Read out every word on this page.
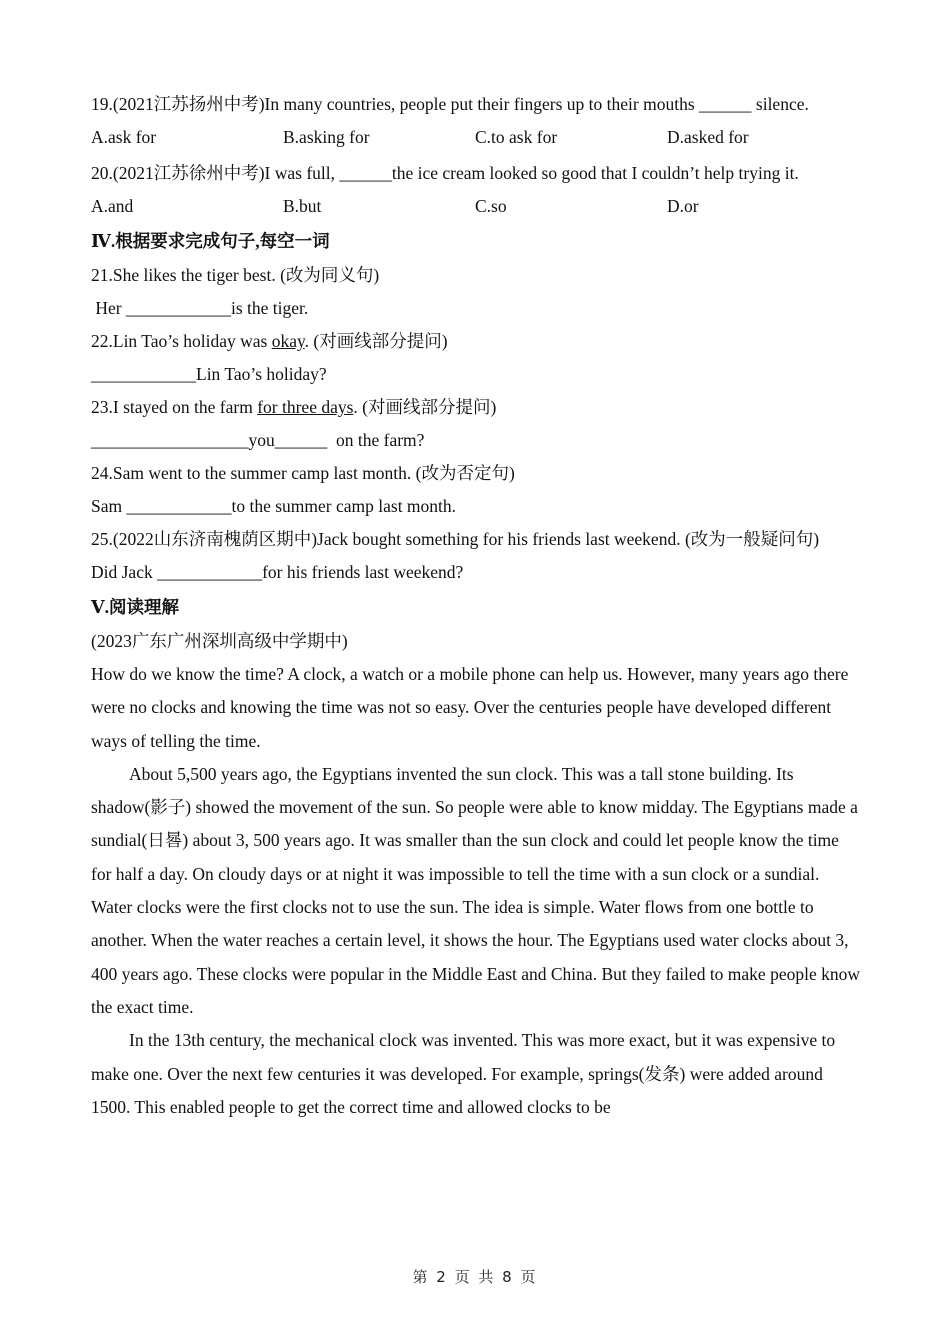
19.(2021江苏扬州中考)In many countries, people put their fingers up to their mouths ______ silence.
A.ask for	B.asking for	C.to ask for	D.asked for
20.(2021江苏徐州中考)I was full, ______the ice cream looked so good that I couldn’t help trying it.
A.and	B.but	C.so	D.or
Ⅳ.根据要求完成句子,每空一词
21.She likes the tiger best. (改为同义句)
Her ____________is the tiger.
22.Lin Tao’s holiday was okay. (对画线部分提问)
____________Lin Tao’s holiday?
23.I stayed on the farm for three days. (对画线部分提问)
__________________you______  on the farm?
24.Sam went to the summer camp last month. (改为否定句)
Sam ____________to the summer camp last month.
25.(2022山东济南槐荫区期中)Jack bought something for his friends last weekend. (改为一般疑问句)
Did Jack ____________for his friends last weekend?
Ⅴ.阅读理解
(2023广东广州深圳高级中学期中)
How do we know the time? A clock, a watch or a mobile phone can help us. However, many years ago there were no clocks and knowing the time was not so easy. Over the centuries people have developed different ways of telling the time.
About 5,500 years ago, the Egyptians invented the sun clock. This was a tall stone building. Its shadow(影子) showed the movement of the sun. So people were able to know midday. The Egyptians made a sundial(日晷) about 3, 500 years ago. It was smaller than the sun clock and could let people know the time for half a day. On cloudy days or at night it was impossible to tell the time with a sun clock or a sundial. Water clocks were the first clocks not to use the sun. The idea is simple. Water flows from one bottle to another. When the water reaches a certain level, it shows the hour. The Egyptians used water clocks about 3, 400 years ago. These clocks were popular in the Middle East and China. But they failed to make people know the exact time.
In the 13th century, the mechanical clock was invented. This was more exact, but it was expensive to make one. Over the next few centuries it was developed. For example, springs(发条) were added around 1500. This enabled people to get the correct time and allowed clocks to be
第 2 页 共 8 页
